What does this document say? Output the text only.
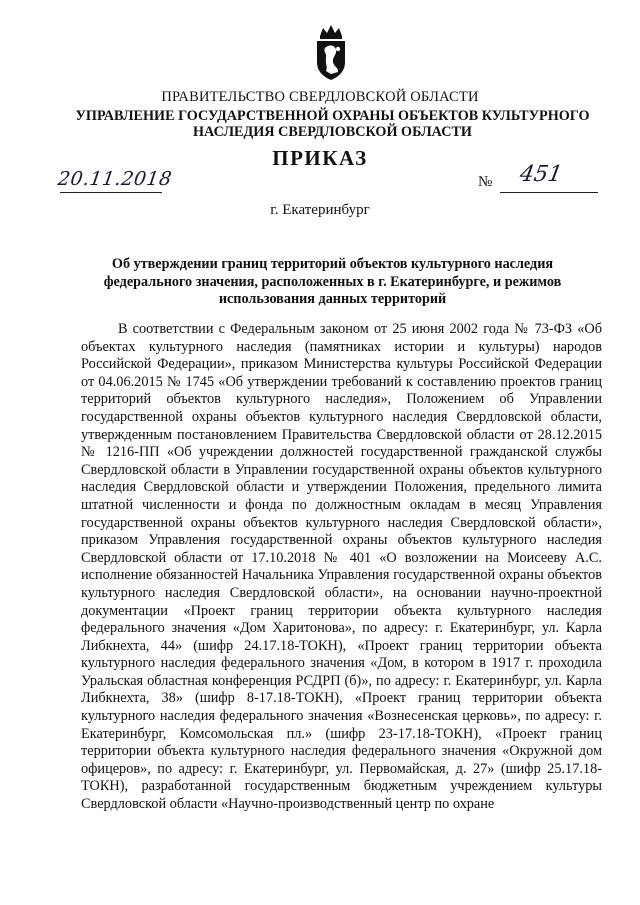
ПРАВИТЕЛЬСТВО СВЕРДЛОВСКОЙ ОБЛАСТИ
УПРАВЛЕНИЕ ГОСУДАРСТВЕННОЙ ОХРАНЫ ОБЪЕКТОВ КУЛЬТУРНОГО НАСЛЕДИЯ СВЕРДЛОВСКОЙ ОБЛАСТИ
ПРИКАЗ
20.11.2018	№ 451
г. Екатеринбург
Об утверждении границ территорий объектов культурного наследия федерального значения, расположенных в г. Екатеринбурге, и режимов использования данных территорий

В соответствии с Федеральным законом от 25 июня 2002 года № 73-ФЗ «Об объектах культурного наследия (памятниках истории и культуры) народов Российской Федерации», приказом Министерства культуры Российской Федерации от 04.06.2015 № 1745 «Об утверждении требований к составлению проектов границ территорий объектов культурного наследия», Положением об Управлении государственной охраны объектов культурного наследия Свердловской области, утвержденным постановлением Правительства Свердловской области от 28.12.2015 № 1216-ПП «Об учреждении должностей государственной гражданской службы Свердловской области в Управлении государственной охраны объектов культурного наследия Свердловской области и утверждении Положения, предельного лимита штатной численности и фонда по должностным окладам в месяц Управления государственной охраны объектов культурного наследия Свердловской области», приказом Управления государственной охраны объектов культурного наследия Свердловской области от 17.10.2018 № 401 «О возложении на Моисееву А.С. исполнение обязанностей Начальника Управления государственной охраны объектов культурного наследия Свердловской области», на основании научно-проектной документации «Проект границ территории объекта культурного наследия федерального значения «Дом Харитонова», по адресу: г. Екатеринбург, ул. Карла Либкнехта, 44» (шифр 24.17.18-ТОКН), «Проект границ территории объекта культурного наследия федерального значения «Дом, в котором в 1917 г. проходила Уральская областная конференция РСДРП (б)», по адресу: г. Екатеринбург, ул. Карла Либкнехта, 38» (шифр 8-17.18-ТОКН), «Проект границ территории объекта культурного наследия федерального значения «Вознесенская церковь», по адресу: г. Екатеринбург, Комсомольская пл.» (шифр 23-17.18-ТОКН), «Проект границ территории объекта культурного наследия федерального значения «Окружной дом офицеров», по адресу: г. Екатеринбург, ул. Первомайская, д. 27» (шифр 25.17.18-ТОКН), разработанной государственным бюджетным учреждением культуры Свердловской области «Научно-производственный центр по охране
